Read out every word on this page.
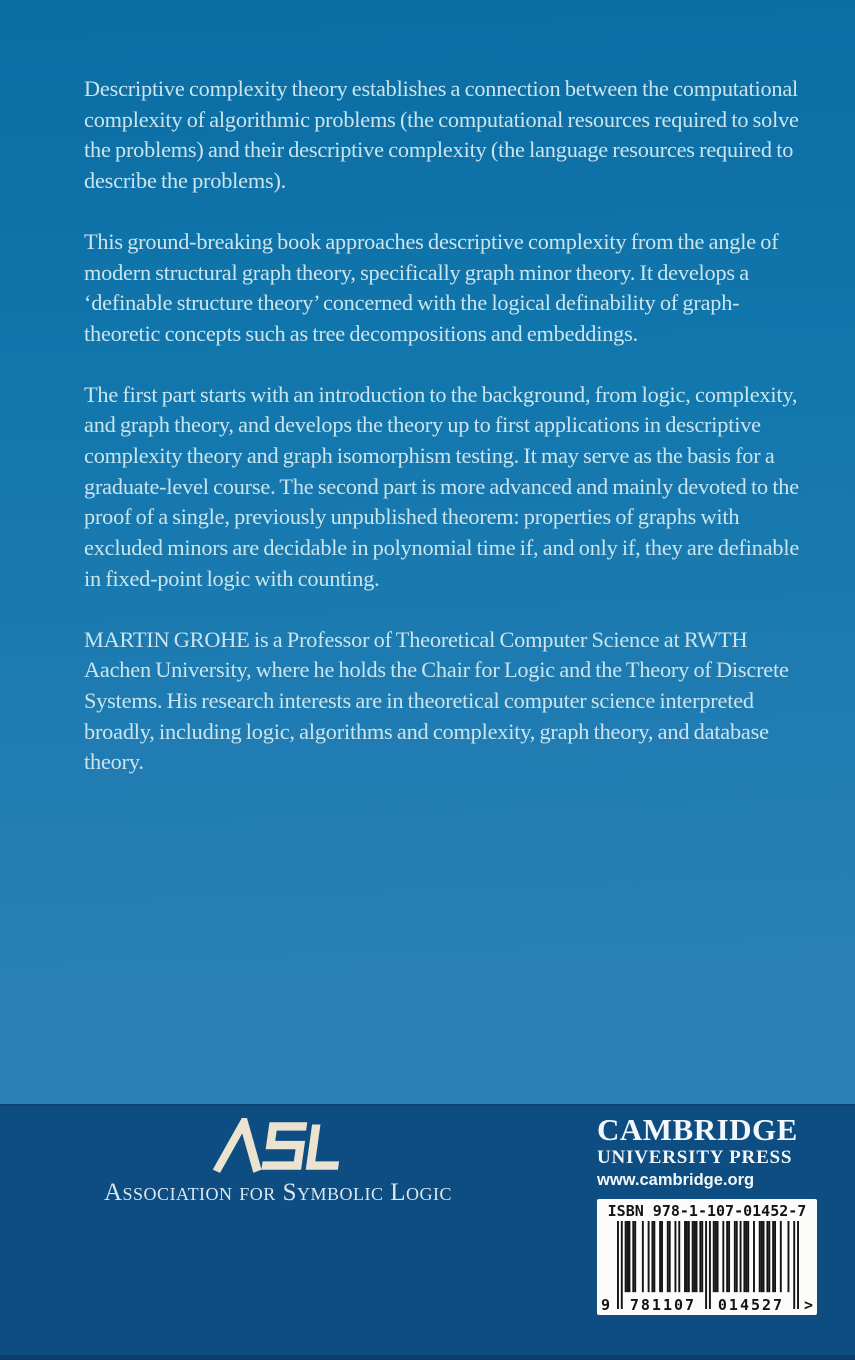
Descriptive complexity theory establishes a connection between the computational complexity of algorithmic problems (the computational resources required to solve the problems) and their descriptive complexity (the language resources required to describe the problems).

This ground-breaking book approaches descriptive complexity from the angle of modern structural graph theory, specifically graph minor theory. It develops a ‘definable structure theory’ concerned with the logical definability of graph-theoretic concepts such as tree decompositions and embeddings.

The first part starts with an introduction to the background, from logic, complexity, and graph theory, and develops the theory up to first applications in descriptive complexity theory and graph isomorphism testing. It may serve as the basis for a graduate-level course. The second part is more advanced and mainly devoted to the proof of a single, previously unpublished theorem: properties of graphs with excluded minors are decidable in polynomial time if, and only if, they are definable in fixed-point logic with counting.

MARTIN GROHE is a Professor of Theoretical Computer Science at RWTH Aachen University, where he holds the Chair for Logic and the Theory of Discrete Systems. His research interests are in theoretical computer science interpreted broadly, including logic, algorithms and complexity, graph theory, and database theory.

Association for Symbolic Logic
CAMBRIDGE
UNIVERSITY PRESS
www.cambridge.org
ISBN 978-1-107-01452-7
9 781107 014527 >
